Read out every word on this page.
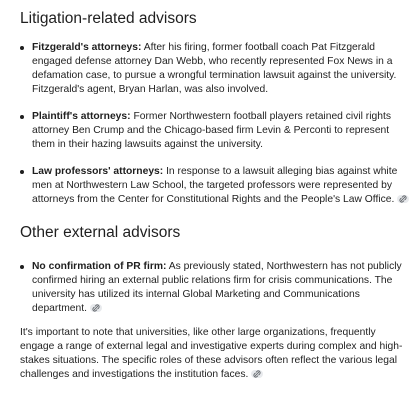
Litigation-related advisors
Fitzgerald's attorneys: After his firing, former football coach Pat Fitzgerald engaged defense attorney Dan Webb, who recently represented Fox News in a defamation case, to pursue a wrongful termination lawsuit against the university. Fitzgerald's agent, Bryan Harlan, was also involved.
Plaintiff's attorneys: Former Northwestern football players retained civil rights attorney Ben Crump and the Chicago-based firm Levin & Perconti to represent them in their hazing lawsuits against the university.
Law professors' attorneys: In response to a lawsuit alleging bias against white men at Northwestern Law School, the targeted professors were represented by attorneys from the Center for Constitutional Rights and the People's Law Office.
Other external advisors
No confirmation of PR firm: As previously stated, Northwestern has not publicly confirmed hiring an external public relations firm for crisis communications. The university has utilized its internal Global Marketing and Communications department.

It's important to note that universities, like other large organizations, frequently engage a range of external legal and investigative experts during complex and high-stakes situations. The specific roles of these advisors often reflect the various legal challenges and investigations the institution faces.
